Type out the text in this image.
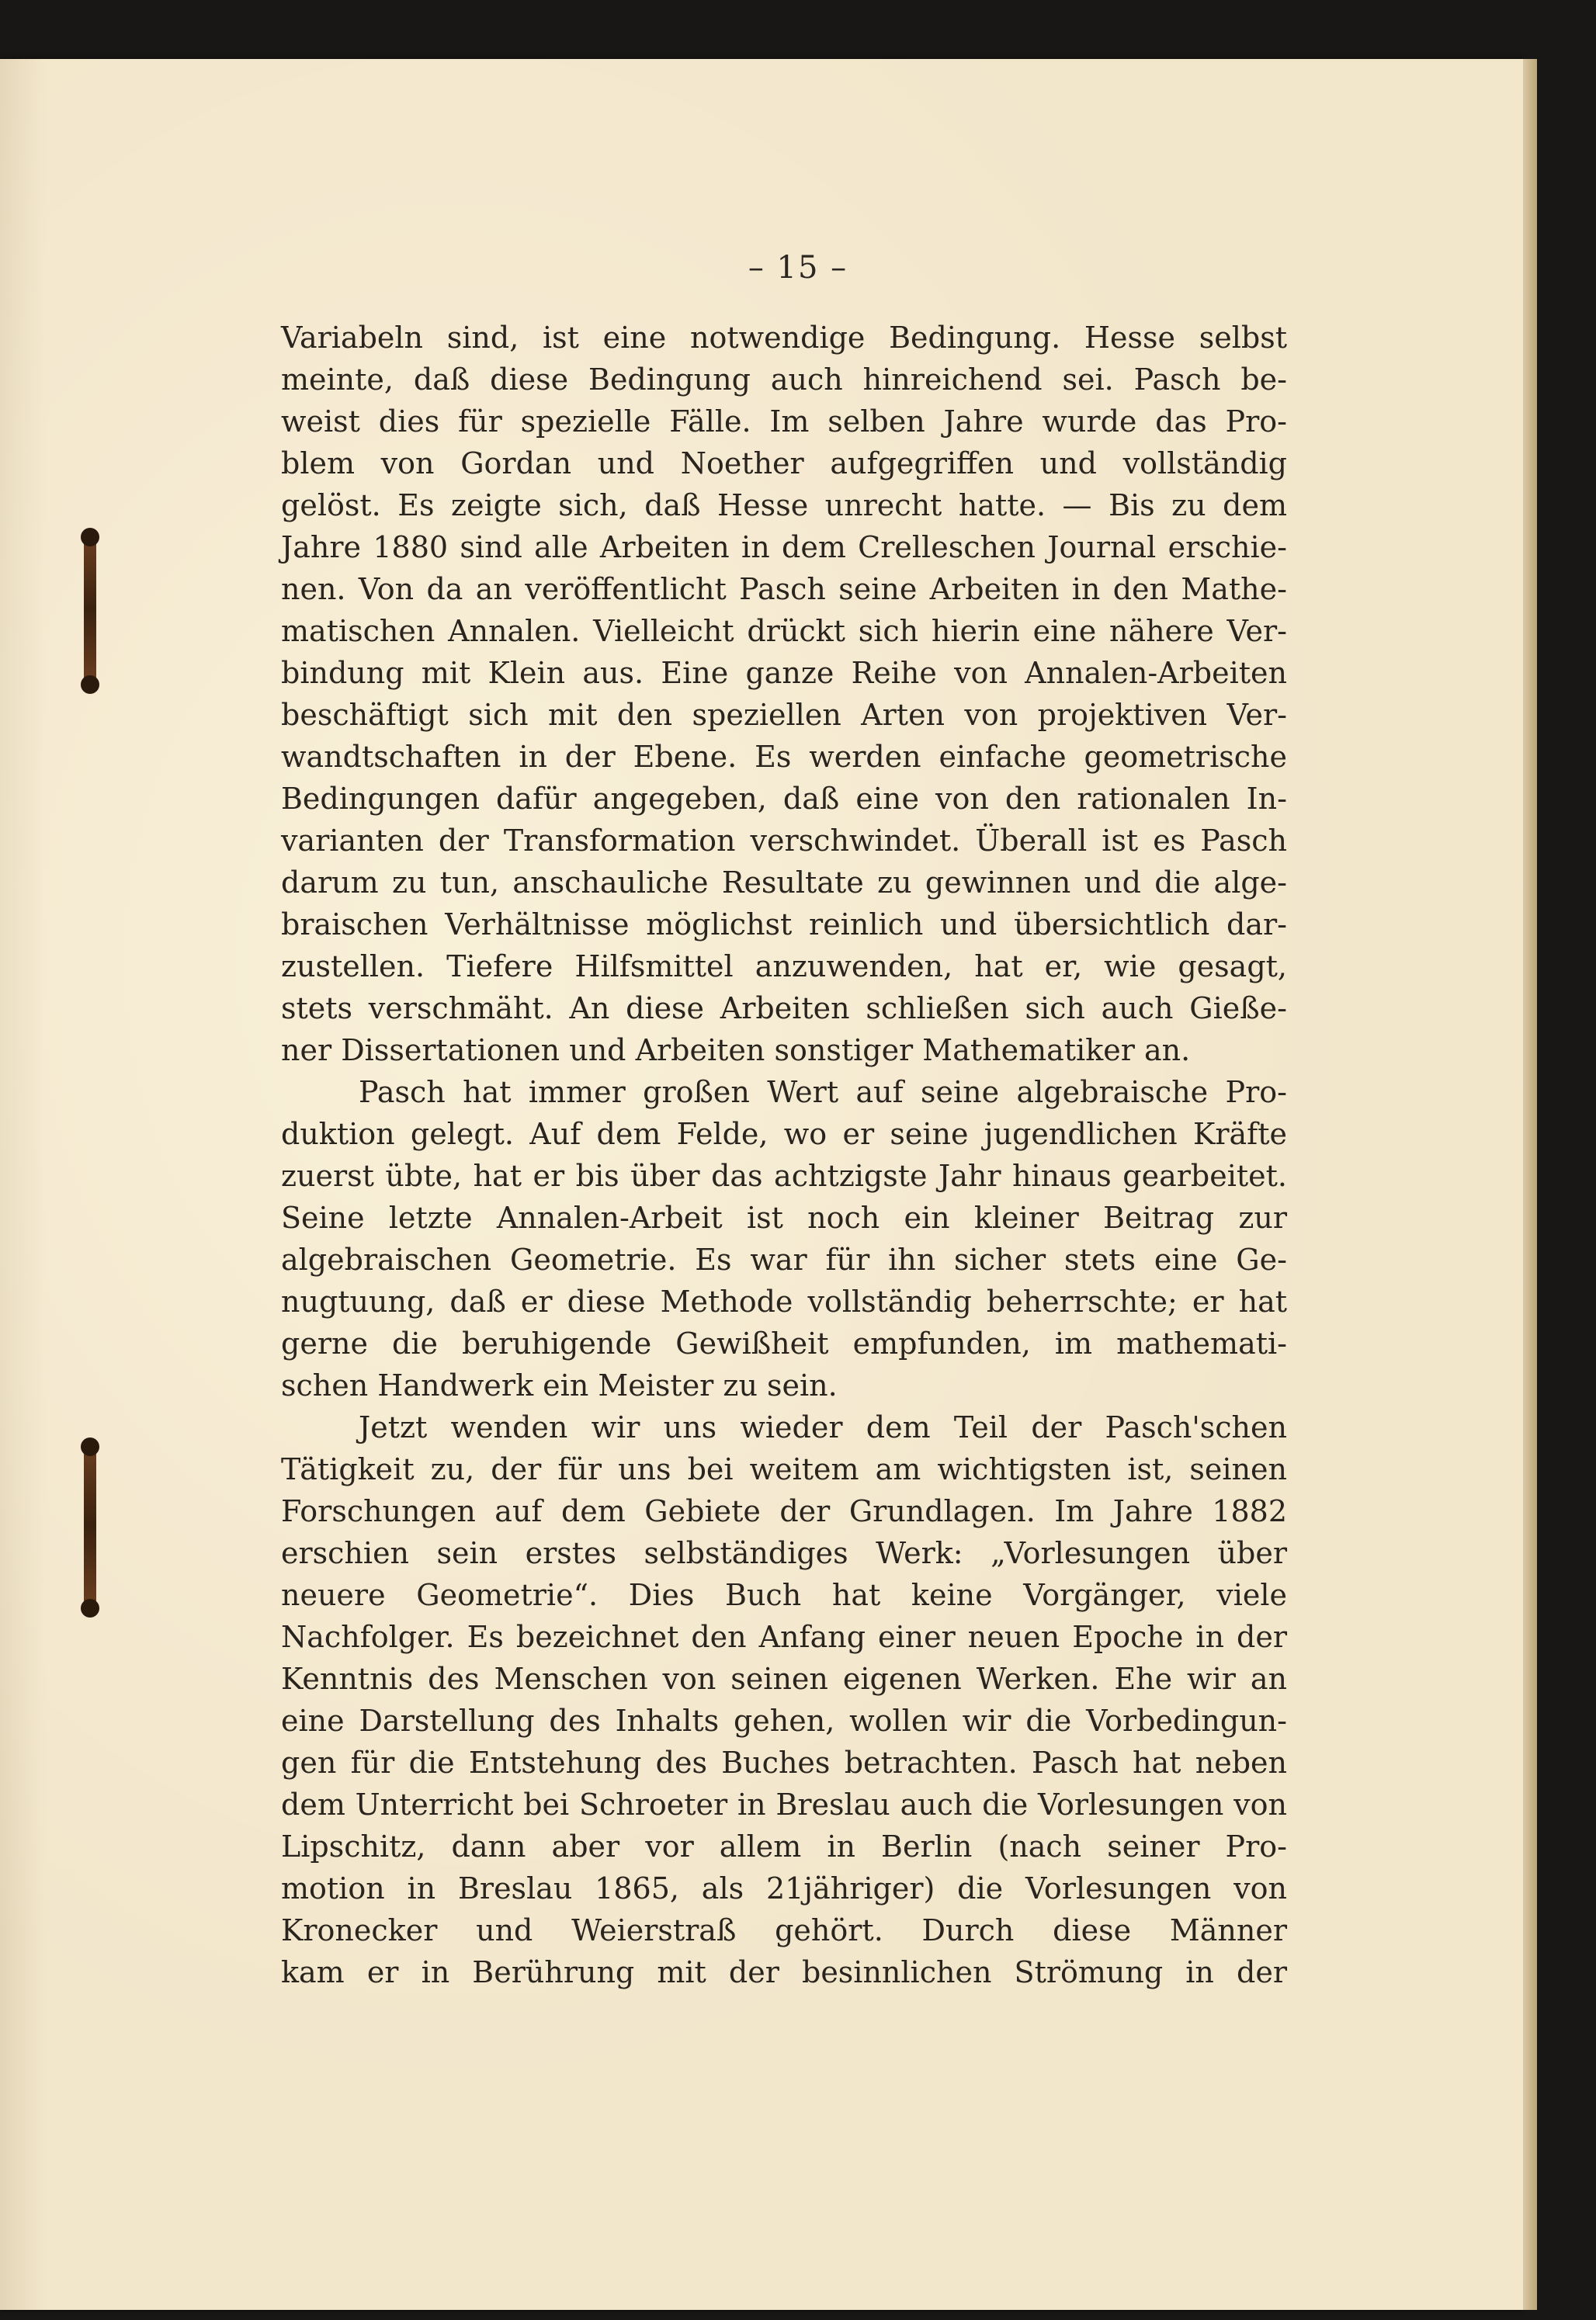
– 15 –
Variabeln sind, ist eine notwendige Bedingung. Hesse selbst
meinte, daß diese Bedingung auch hinreichend sei. Pasch be-
weist dies für spezielle Fälle. Im selben Jahre wurde das Pro-
blem von Gordan und Noether aufgegriffen und vollständig
gelöst. Es zeigte sich, daß Hesse unrecht hatte. — Bis zu dem
Jahre 1880 sind alle Arbeiten in dem Crelleschen Journal erschie-
nen. Von da an veröffentlicht Pasch seine Arbeiten in den Mathe-
matischen Annalen. Vielleicht drückt sich hierin eine nähere Ver-
bindung mit Klein aus. Eine ganze Reihe von Annalen-Arbeiten
beschäftigt sich mit den speziellen Arten von projektiven Ver-
wandtschaften in der Ebene. Es werden einfache geometrische
Bedingungen dafür angegeben, daß eine von den rationalen In-
varianten der Transformation verschwindet. Überall ist es Pasch
darum zu tun, anschauliche Resultate zu gewinnen und die alge-
braischen Verhältnisse möglichst reinlich und übersichtlich dar-
zustellen. Tiefere Hilfsmittel anzuwenden, hat er, wie gesagt,
stets verschmäht. An diese Arbeiten schließen sich auch Gieße-
ner Dissertationen und Arbeiten sonstiger Mathematiker an.
Pasch hat immer großen Wert auf seine algebraische Pro-
duktion gelegt. Auf dem Felde, wo er seine jugendlichen Kräfte
zuerst übte, hat er bis über das achtzigste Jahr hinaus gearbeitet.
Seine letzte Annalen-Arbeit ist noch ein kleiner Beitrag zur
algebraischen Geometrie. Es war für ihn sicher stets eine Ge-
nugtuung, daß er diese Methode vollständig beherrschte; er hat
gerne die beruhigende Gewißheit empfunden, im mathemati-
schen Handwerk ein Meister zu sein.
Jetzt wenden wir uns wieder dem Teil der Pasch'schen
Tätigkeit zu, der für uns bei weitem am wichtigsten ist, seinen
Forschungen auf dem Gebiete der Grundlagen. Im Jahre 1882
erschien sein erstes selbständiges Werk: „Vorlesungen über
neuere Geometrie“. Dies Buch hat keine Vorgänger, viele
Nachfolger. Es bezeichnet den Anfang einer neuen Epoche in der
Kenntnis des Menschen von seinen eigenen Werken. Ehe wir an
eine Darstellung des Inhalts gehen, wollen wir die Vorbedingun-
gen für die Entstehung des Buches betrachten. Pasch hat neben
dem Unterricht bei Schroeter in Breslau auch die Vorlesungen von
Lipschitz, dann aber vor allem in Berlin (nach seiner Pro-
motion in Breslau 1865, als 21jähriger) die Vorlesungen von
Kronecker und Weierstraß gehört. Durch diese Männer
kam er in Berührung mit der besinnlichen Strömung in der
